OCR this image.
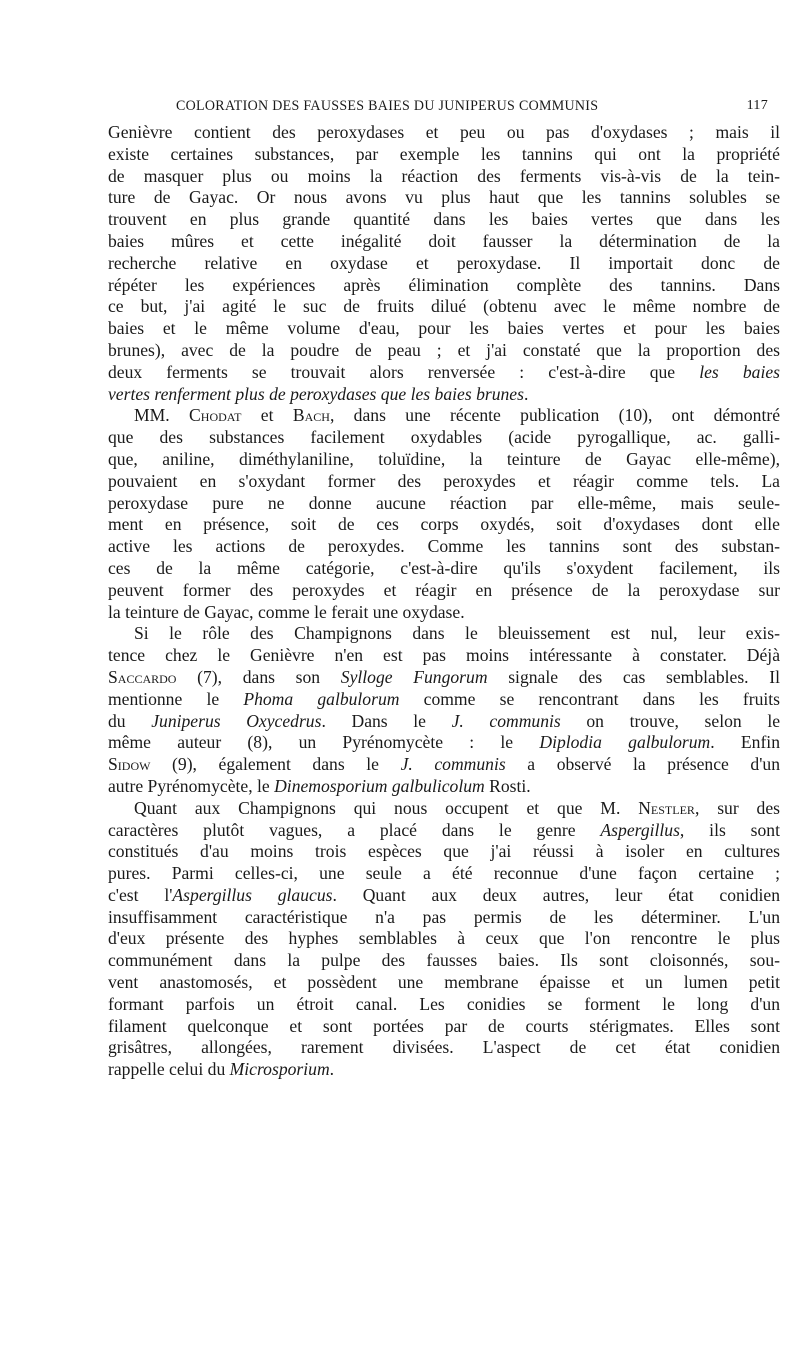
COLORATION DES FAUSSES BAIES DU JUNIPERUS COMMUNIS	117
Genièvre contient des peroxydases et peu ou pas d'oxydases ; mais il
existe certaines substances, par exemple les tannins qui ont la propriété
de masquer plus ou moins la réaction des ferments vis-à-vis de la tein-
ture de Gayac. Or nous avons vu plus haut que les tannins solubles se
trouvent en plus grande quantité dans les baies vertes que dans les
baies mûres et cette inégalité doit fausser la détermination de la
recherche relative en oxydase et peroxydase. Il importait donc de
répéter les expériences après élimination complète des tannins. Dans
ce but, j'ai agité le suc de fruits dilué (obtenu avec le même nombre de
baies et le même volume d'eau, pour les baies vertes et pour les baies
brunes), avec de la poudre de peau ; et j'ai constaté que la proportion des
deux ferments se trouvait alors renversée : c'est-à-dire que les baies
vertes renferment plus de peroxydases que les baies brunes.
MM. Chodat et Bach, dans une récente publication (10), ont démontré
que des substances facilement oxydables (acide pyrogallique, ac. galli-
que, aniline, diméthylaniline, toluïdine, la teinture de Gayac elle-même),
pouvaient en s'oxydant former des peroxydes et réagir comme tels. La
peroxydase pure ne donne aucune réaction par elle-même, mais seule-
ment en présence, soit de ces corps oxydés, soit d'oxydases dont elle
active les actions de peroxydes. Comme les tannins sont des substan-
ces de la même catégorie, c'est-à-dire qu'ils s'oxydent facilement, ils
peuvent former des peroxydes et réagir en présence de la peroxydase sur
la teinture de Gayac, comme le ferait une oxydase.
Si le rôle des Champignons dans le bleuissement est nul, leur exis-
tence chez le Genièvre n'en est pas moins intéressante à constater. Déjà
Saccardo (7), dans son Sylloge Fungorum signale des cas semblables. Il
mentionne le Phoma galbulorum comme se rencontrant dans les fruits
du Juniperus Oxycedrus. Dans le J. communis on trouve, selon le
même auteur (8), un Pyrénomycète : le Diplodia galbulorum. Enfin
Sidow (9), également dans le J. communis a observé la présence d'un
autre Pyrénomycète, le Dinemosporium galbulicolum Rosti.
Quant aux Champignons qui nous occupent et que M. Nestler, sur des
caractères plutôt vagues, a placé dans le genre Aspergillus, ils sont
constitués d'au moins trois espèces que j'ai réussi à isoler en cultures
pures. Parmi celles-ci, une seule a été reconnue d'une façon certaine ;
c'est l'Aspergillus glaucus. Quant aux deux autres, leur état conidien
insuffisamment caractéristique n'a pas permis de les déterminer. L'un
d'eux présente des hyphes semblables à ceux que l'on rencontre le plus
communément dans la pulpe des fausses baies. Ils sont cloisonnés, sou-
vent anastomosés, et possèdent une membrane épaisse et un lumen petit
formant parfois un étroit canal. Les conidies se forment le long d'un
filament quelconque et sont portées par de courts stérigmates. Elles sont
grisâtres, allongées, rarement divisées. L'aspect de cet état conidien
rappelle celui du Microsporium.
